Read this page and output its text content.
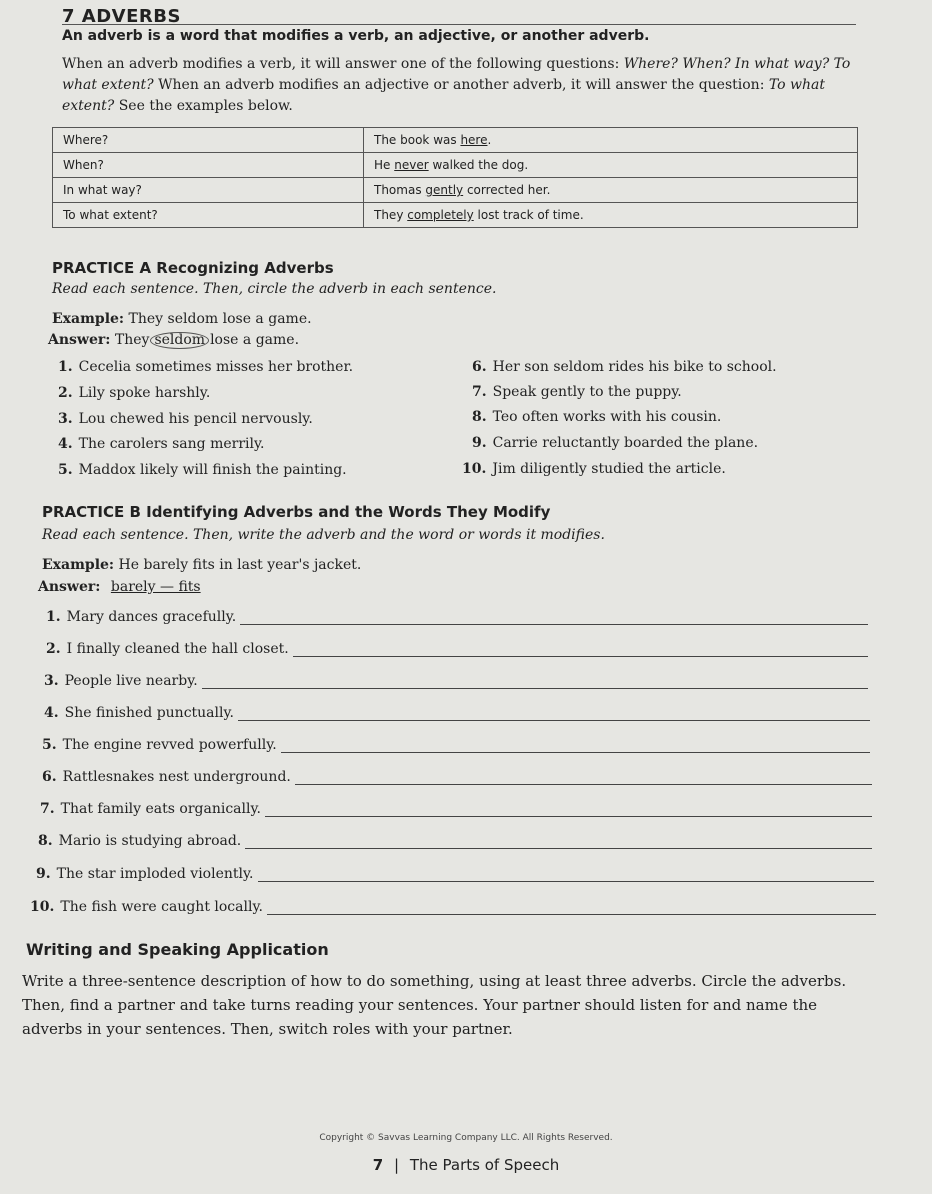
7 ADVERBS
An adverb is a word that modifies a verb, an adjective, or another adverb.
When an adverb modifies a verb, it will answer one of the following questions: Where? When? In what way? To what extent? When an adverb modifies an adjective or another adverb, it will answer the question: To what extent? See the examples below.
Where?	The book was here.
When?	He never walked the dog.
In what way?	Thomas gently corrected her.
To what extent?	They completely lost track of time.
PRACTICE A Recognizing Adverbs
Read each sentence. Then, circle the adverb in each sentence.
Example: They seldom lose a game.
Answer: They seldom lose a game.
1. Cecelia sometimes misses her brother.
2. Lily spoke harshly.
3. Lou chewed his pencil nervously.
4. The carolers sang merrily.
5. Maddox likely will finish the painting.
6. Her son seldom rides his bike to school.
7. Speak gently to the puppy.
8. Teo often works with his cousin.
9. Carrie reluctantly boarded the plane.
10. Jim diligently studied the article.
PRACTICE B Identifying Adverbs and the Words They Modify
Read each sentence. Then, write the adverb and the word or words it modifies.
Example: He barely fits in last year's jacket.
Answer: barely — fits
1. Mary dances gracefully.
2. I finally cleaned the hall closet.
3. People live nearby.
4. She finished punctually.
5. The engine revved powerfully.
6. Rattlesnakes nest underground.
7. That family eats organically.
8. Mario is studying abroad.
9. The star imploded violently.
10. The fish were caught locally.
Writing and Speaking Application
Write a three-sentence description of how to do something, using at least three adverbs. Circle the adverbs. Then, find a partner and take turns reading your sentences. Your partner should listen for and name the adverbs in your sentences. Then, switch roles with your partner.
Copyright © Savvas Learning Company LLC. All Rights Reserved.
7 | The Parts of Speech
